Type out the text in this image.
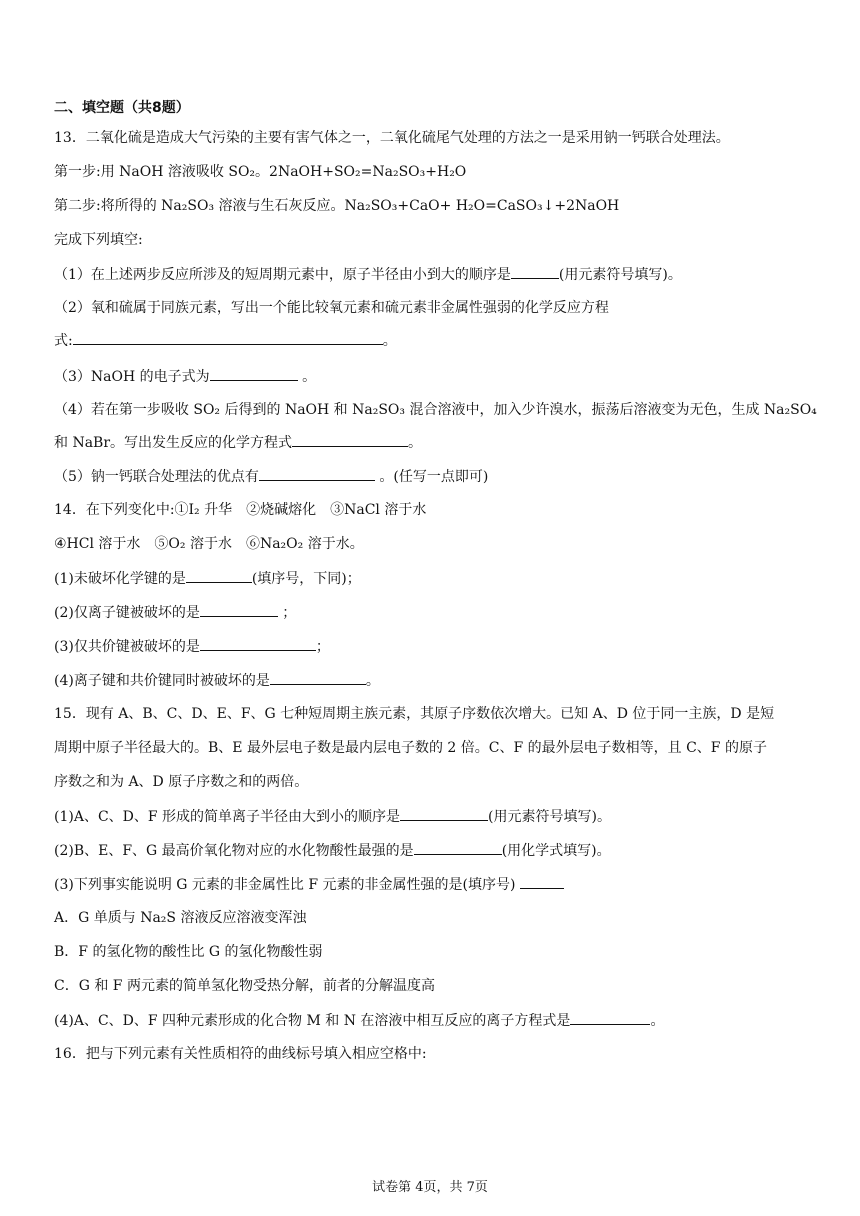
二、填空题（共8题）
13．二氧化硫是造成大气污染的主要有害气体之一，二氧化硫尾气处理的方法之一是采用钠一钙联合处理法。
第一步:用 NaOH 溶液吸收 SO₂。2NaOH+SO₂=Na₂SO₃+H₂O
第二步:将所得的 Na₂SO₃ 溶液与生石灰反应。Na₂SO₃+CaO+ H₂O=CaSO₃↓+2NaOH
完成下列填空:
（1）在上述两步反应所涉及的短周期元素中，原子半径由小到大的顺序是	(用元素符号填写)。
（2）氧和硫属于同族元素，写出一个能比较氧元素和硫元素非金属性强弱的化学反应方程
式:	。
（3）NaOH 的电子式为	。
（4）若在第一步吸收 SO₂ 后得到的 NaOH 和 Na₂SO₃ 混合溶液中，加入少许溴水，振荡后溶液变为无色，生成 Na₂SO₄
和 NaBr。写出发生反应的化学方程式	。
（5）钠一钙联合处理法的优点有	。(任写一点即可)
14．在下列变化中:①I₂ 升华　②烧碱熔化　③NaCl 溶于水
④HCl 溶于水　⑤O₂ 溶于水　⑥Na₂O₂ 溶于水。
(1)未破坏化学键的是	(填序号，下同)；
(2)仅离子键被破坏的是	；
(3)仅共价键被破坏的是	；
(4)离子键和共价键同时被破坏的是	。
15．现有 A、B、C、D、E、F、G 七种短周期主族元素，其原子序数依次增大。已知 A、D 位于同一主族，D 是短
周期中原子半径最大的。B、E 最外层电子数是最内层电子数的 2 倍。C、F 的最外层电子数相等，且 C、F 的原子
序数之和为 A、D 原子序数之和的两倍。
(1)A、C、D、F 形成的简单离子半径由大到小的顺序是	(用元素符号填写)。
(2)B、E、F、G 最高价氧化物对应的水化物酸性最强的是	(用化学式填写)。
(3)下列事实能说明 G 元素的非金属性比 F 元素的非金属性强的是(填序号)
A．G 单质与 Na₂S 溶液反应溶液变浑浊
B．F 的氢化物的酸性比 G 的氢化物酸性弱
C．G 和 F 两元素的简单氢化物受热分解，前者的分解温度高
(4)A、C、D、F 四种元素形成的化合物 M 和 N 在溶液中相互反应的离子方程式是	。
16．把与下列元素有关性质相符的曲线标号填入相应空格中:
试卷第 4页，共 7页
